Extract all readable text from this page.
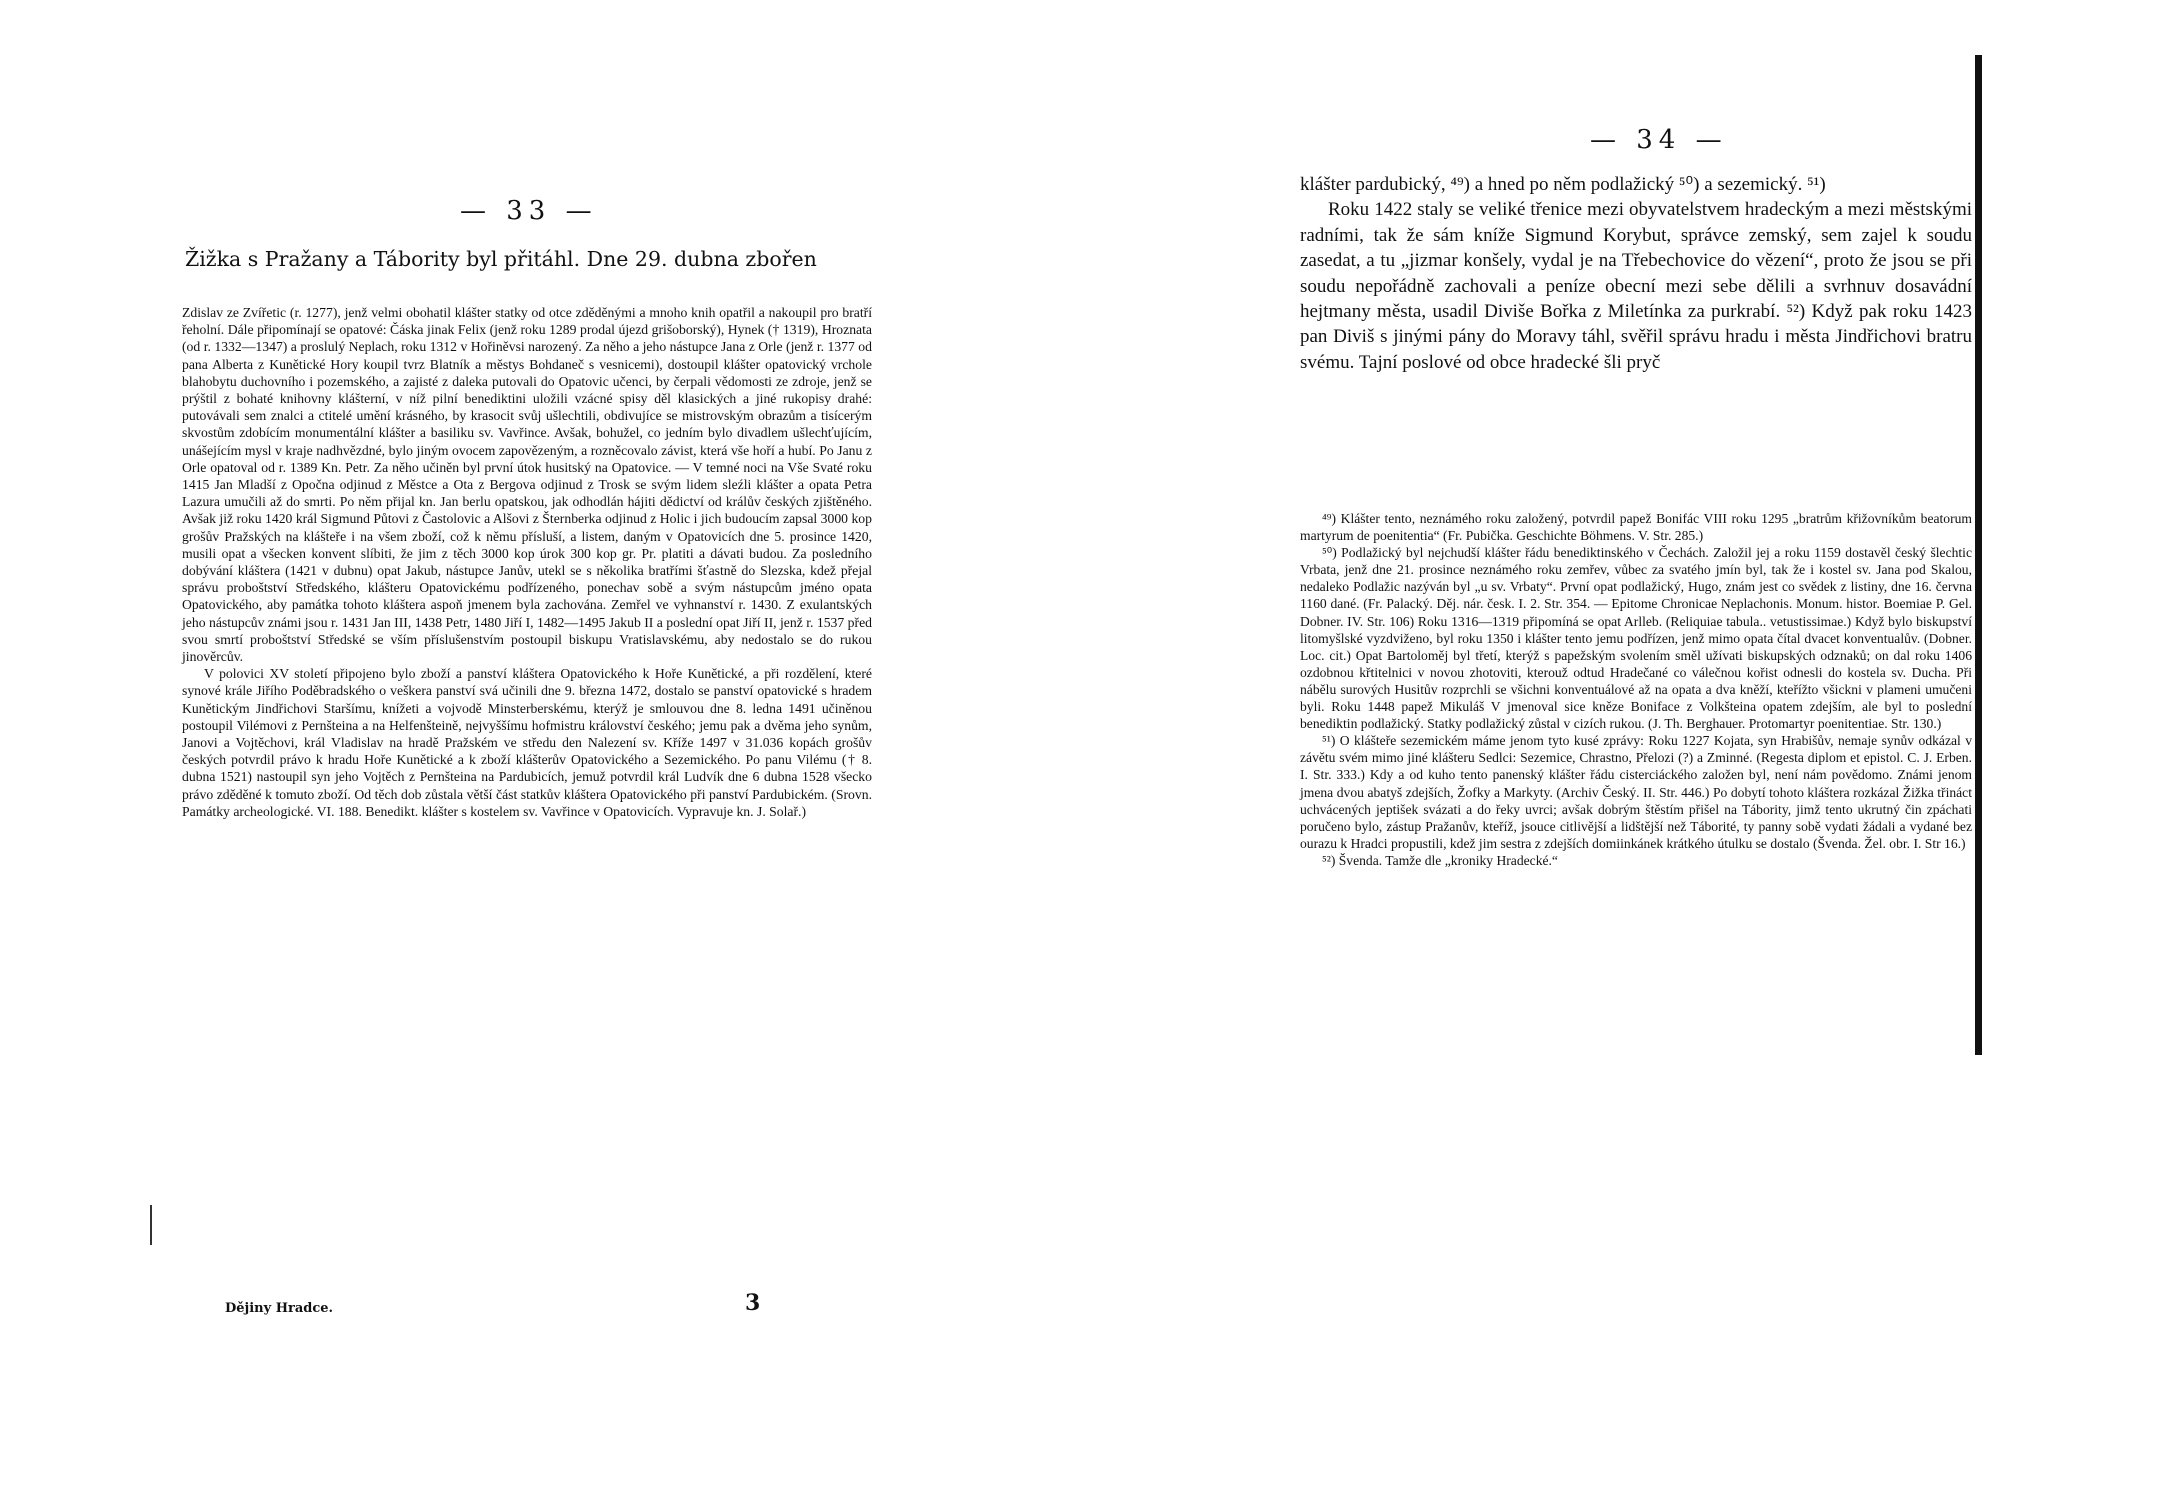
— 33 —
Žižka s Pražany a Tábority byl přitáhl. Dne 29. dubna zbořen

Zdislav ze Zvířetic (r. 1277), jenž velmi obohatil klášter statky od otce zděděnými a mnoho knih opatřil a nakoupil pro bratří řeholní. Dále připomínají se opatové: Čáska jinak Felix (jenž roku 1289 prodal újezd grišoborský), Hynek († 1319), Hroznata (od r. 1332—1347) a proslulý Neplach, roku 1312 v Hořiněvsi narozený. Za něho a jeho nástupce Jana z Orle (jenž r. 1377 od pana Alberta z Kunětické Hory koupil tvrz Blatník a městys Bohdaneč s vesnicemi), dostoupil klášter opatovický vrchole blahobytu duchovního i pozemského, a zajisté z daleka putovali do Opatovic učenci, by čerpali vědomosti ze zdroje, jenž se prýštil z bohaté knihovny klášterní, v níž pilní benediktini uložili vzácné spisy děl klasických a jiné rukopisy drahé: putovávali sem znalci a ctitelé umění krásného, by krasocit svůj ušlechtili, obdivujíce se mistrovským obrazům a tisícerým skvostům zdobícím monumentální klášter a basiliku sv. Vavřince. Avšak, bohužel, co jedním bylo divadlem ušlechťujícím, unášejícím mysl v kraje nadhvězdné, bylo jiným ovocem zapovězeným, a rozněcovalo závist, která vše hoří a hubí. Po Janu z Orle opatoval od r. 1389 Kn. Petr. Za něho učiněn byl první útok husitský na Opatovice. — V temné noci na Vše Svaté roku 1415 Jan Mladší z Opočna odjinud z Městce a Ota z Bergova odjinud z Trosk se svým lidem sleźli klášter a opata Petra Lazura umučili až do smrti. Po něm přijal kn. Jan berlu opatskou, jak odhodlán hájiti dědictví od králův českých zjištěného. Avšak již roku 1420 král Sigmund Půtovi z Častolovic a Alšovi z Šternberka odjinud z Holic i jich budoucím zapsal 3000 kop grošův Pražských na klášteře i na všem zboží, což k němu přísluší, a listem, daným v Opatovicích dne 5. prosince 1420, musili opat a všecken konvent slíbiti, že jim z těch 3000 kop úrok 300 kop gr. Pr. platiti a dávati budou. Za posledního dobývání kláštera (1421 v dubnu) opat Jakub, nástupce Janův, utekl se s několika bratřími šťastně do Slezska, kdež přejal správu proboštství Středského, klášteru Opatovickému podřízeného, ponechav sobě a svým nástupcům jméno opata Opatovického, aby památka tohoto kláštera aspoň jmenem byla zachována. Zemřel ve vyhnanství r. 1430. Z exulantských jeho nástupcův známi jsou r. 1431 Jan III, 1438 Petr, 1480 Jiří I, 1482—1495 Jakub II a poslední opat Jiří II, jenž r. 1537 před svou smrtí proboštství Středské se vším příslušenstvím postoupil biskupu Vratislavskému, aby nedostalo se do rukou jinověrcův.

V polovici XV století připojeno bylo zboží a panství kláštera Opatovického k Hoře Kunětické, a při rozdělení, které synové krále Jiřího Poděbradského o veškera panství svá učinili dne 9. března 1472, dostalo se panství opatovické s hradem Kunětickým Jindřichovi Staršímu, knížeti a vojvodě Minsterberskému, kterýž je smlouvou dne 8. ledna 1491 učiněnou postoupil Vilémovi z Pernšteina a na Helfenšteině, nejvyššímu hofmistru království českého; jemu pak a dvěma jeho synům, Janovi a Vojtěchovi, král Vladislav na hradě Pražském ve středu den Nalezení sv. Kříže 1497 v 31.036 kopách grošův českých potvrdil právo k hradu Hoře Kunětické a k zboží klášterův Opatovického a Sezemického. Po panu Vilému († 8. dubna 1521) nastoupil syn jeho Vojtěch z Pernšteina na Pardubicích, jemuž potvrdil král Ludvík dne 6 dubna 1528 všecko právo zděděné k tomuto zboží. Od těch dob zůstala větší část statkův kláštera Opatovického při panství Pardubickém. (Srovn. Památky archeologické. VI. 188. Benedikt. klášter s kostelem sv. Vavřince v Opatovicích. Vypravuje kn. J. Solař.)

Dějiny Hradce.	3
— 34 —

klášter pardubický, ⁴⁹) a hned po něm podlažický ⁵⁰) a sezemický. ⁵¹)

Roku 1422 staly se veliké třenice mezi obyvatelstvem hradeckým a mezi městskými radními, tak že sám kníže Sigmund Korybut, správce zemský, sem zajel k soudu zasedat, a tu „jizmar konšely, vydal je na Třebechovice do vězení“, proto že jsou se při soudu nepořádně zachovali a peníze obecní mezi sebe dělili a svrhnuv dosavádní hejtmany města, usadil Diviše Bořka z Miletínka za purkrabí. ⁵²) Když pak roku 1423 pan Diviš s jinými pány do Moravy táhl, svěřil správu hradu i města Jindřichovi bratru svému. Tajní poslové od obce hradecké šli pryč

⁴⁹) Klášter tento, neznámého roku založený, potvrdil papež Bonifác VIII roku 1295 „bratrům křižovníkům beatorum martyrum de poenitentia“ (Fr. Pubička. Geschichte Böhmens. V. Str. 285.)

⁵⁰) Podlažický byl nejchudší klášter řádu benediktinského v Čechách. Založil jej a roku 1159 dostavěl český šlechtic Vrbata, jenž dne 21. prosince neznámého roku zemřev, vůbec za svatého jmín byl, tak že i kostel sv. Jana pod Skalou, nedaleko Podlažic nazýván byl „u sv. Vrbaty“. První opat podlažický, Hugo, znám jest co svědek z listiny, dne 16. června 1160 dané. (Fr. Palacký. Děj. nár. česk. I. 2. Str. 354. — Epitome Chronicae Neplachonis. Monum. histor. Boemiae P. Gel. Dobner. IV. Str. 106) Roku 1316—1319 připomíná se opat Arlleb. (Reliquiae tabula.. vetustissimae.) Když bylo biskupství litomyšlské vyzdviženo, byl roku 1350 i klášter tento jemu podřízen, jenž mimo opata čítal dvacet konventualův. (Dobner. Loc. cit.) Opat Bartoloměj byl třetí, kterýž s papežským svolením směl užívati biskupských odznaků; on dal roku 1406 ozdobnou křtitelnici v novou zhotoviti, kterouž odtud Hradečané co válečnou kořist odnesli do kostela sv. Ducha. Při nábělu surových Husitův rozprchli se všichni konventuálové až na opata a dva kněží, kteřížto všickni v plameni umučeni byli. Roku 1448 papež Mikuláš V jmenoval sice kněze Boniface z Volkšteina opatem zdejším, ale byl to poslední benediktin podlažický. Statky podlažický zůstal v cizích rukou. (J. Th. Berghauer. Protomartyr poenitentiae. Str. 130.)

⁵¹) O klášteře sezemickém máme jenom tyto kusé zprávy: Roku 1227 Kojata, syn Hrabišův, nemaje synův odkázal v závětu svém mimo jiné klášteru Sedlci: Sezemice, Chrastno, Přelozi (?) a Zminné. (Regesta diplom et epistol. C. J. Erben. I. Str. 333.) Kdy a od kuho tento panenský klášter řádu cisterciáckého založen byl, není nám povědomo. Známi jenom jmena dvou abatyš zdejších, Žofky a Markyty. (Archiv Český. II. Str. 446.) Po dobytí tohoto kláštera rozkázal Žižka třináct uchvácených jeptišek svázati a do řeky uvrci; avšak dobrým štěstím přišel na Tábority, jimž tento ukrutný čin zpáchati poručeno bylo, zástup Pražanův, kteříž, jsouce citlivější a lidštější než Táborité, ty panny sobě vydati žádali a vydané bez ourazu k Hradci propustili, kdež jim sestra z zdejších domiinkánek krátkého útulku se dostalo (Švenda. Žel. obr. I. Str 16.)

⁵²) Švenda. Tamže dle „kroniky Hradecké.“
